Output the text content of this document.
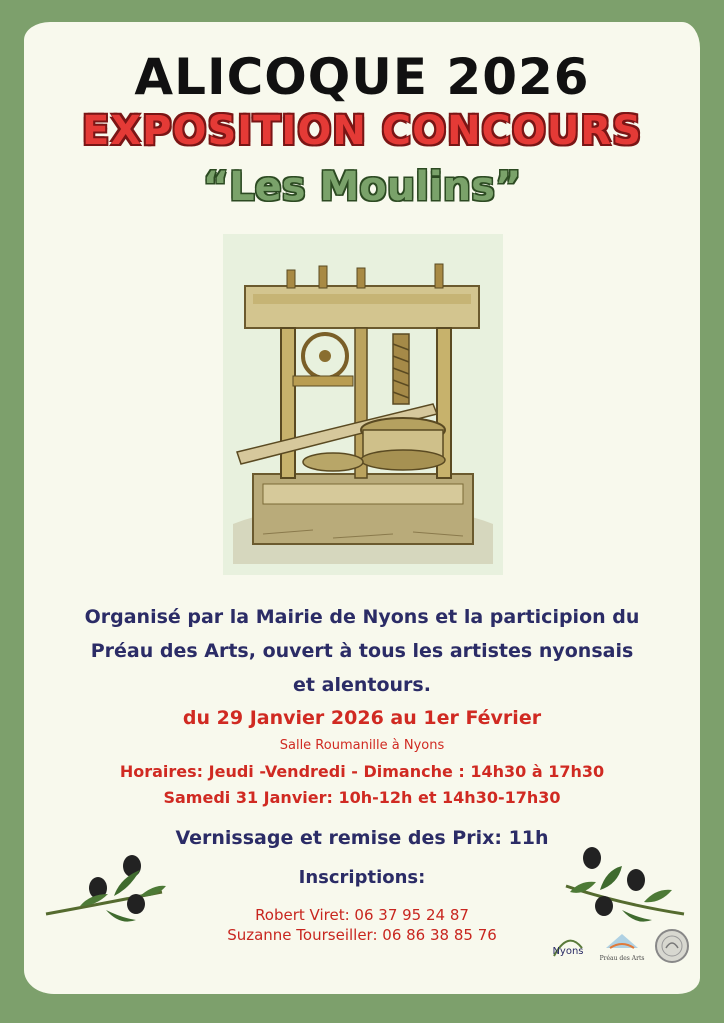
ALICOQUE 2026
EXPOSITION CONCOURS
“Les Moulins”
Organisé par la Mairie de Nyons et la participion du
Préau des Arts, ouvert à tous les artistes nyonsais
et alentours.
du 29 Janvier 2026 au 1er Février
Salle Roumanille à Nyons
Horaires: Jeudi -Vendredi - Dimanche : 14h30 à 17h30
Samedi 31 Janvier: 10h-12h et 14h30-17h30
Vernissage et remise des Prix: 11h
Inscriptions:
Robert Viret: 06 37 95 24 87
Suzanne Tourseiller: 06 86 38 85 76
Nyons
Préau des Arts
